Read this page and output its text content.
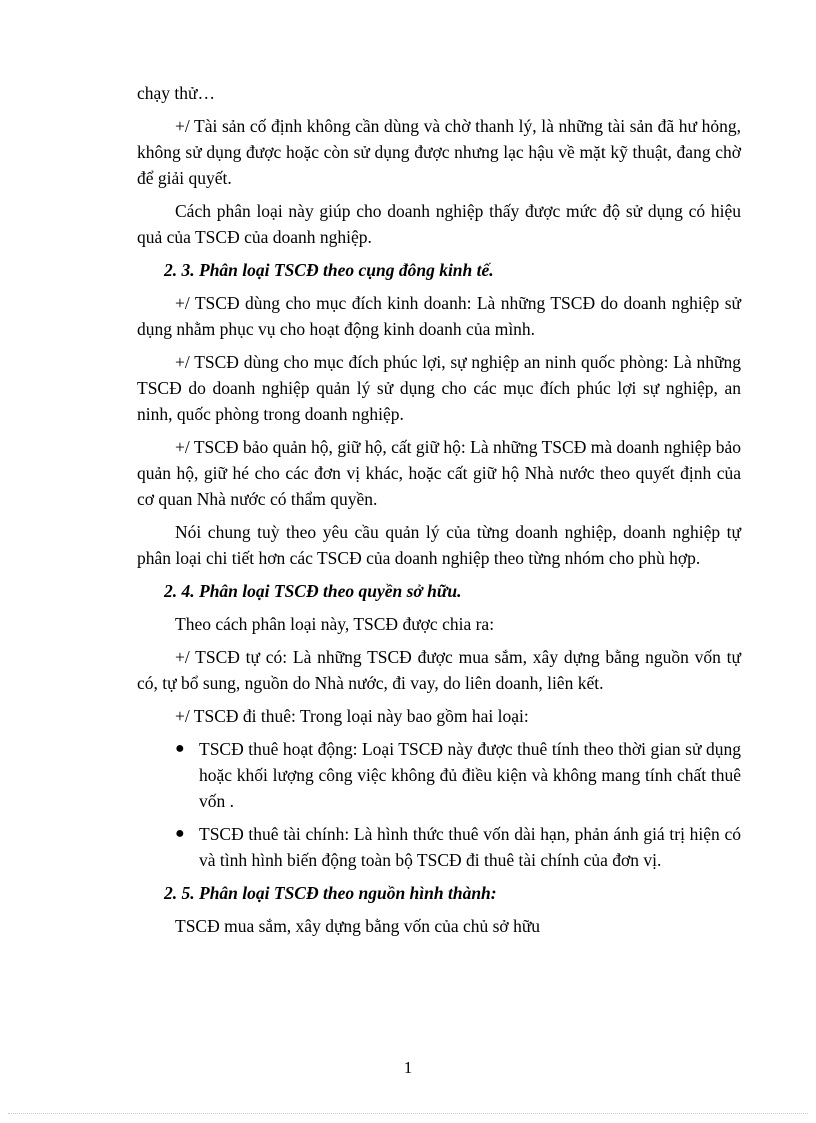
chạy thử…

+/ Tài sản cố định không cần dùng và chờ thanh lý, là những tài sản đã hư hỏng, không sử dụng được hoặc còn sử dụng được nhưng lạc hậu về mặt kỹ thuật, đang chờ để giải quyết.

Cách phân loại này giúp cho doanh nghiệp thấy được mức độ sử dụng có hiệu quả của TSCĐ của doanh nghiệp.

2. 3. Phân loại TSCĐ theo cụng đông kinh tế.

+/ TSCĐ dùng cho mục đích kinh doanh: Là những TSCĐ do doanh nghiệp sử dụng nhằm phục vụ cho hoạt động kinh doanh của mình.

+/ TSCĐ dùng cho mục đích phúc lợi, sự nghiệp an ninh quốc phòng: Là những TSCĐ do doanh nghiệp quản lý sử dụng cho các mục đích phúc lợi sự nghiệp, an ninh, quốc phòng trong doanh nghiệp.

+/ TSCĐ bảo quản hộ, giữ hộ, cất giữ hộ: Là những TSCĐ mà doanh nghiệp bảo quản hộ, giữ hé cho các đơn vị khác, hoặc cất giữ hộ Nhà nước theo quyết định của cơ quan Nhà nước có thẩm quyền.

Nói chung tuỳ theo yêu cầu quản lý của từng doanh nghiệp, doanh nghiệp tự phân loại chi tiết hơn các TSCĐ của doanh nghiệp theo từng nhóm cho phù hợp.

2. 4. Phân loại TSCĐ theo quyền sở hữu.

Theo cách phân loại này, TSCĐ được chia ra:

+/ TSCĐ tự có: Là những TSCĐ được mua sắm, xây dựng bằng nguồn vốn tự có, tự bổ sung, nguồn do Nhà nước, đi vay, do liên doanh, liên kết.

+/ TSCĐ đi thuê: Trong loại này bao gồm hai loại:

● TSCĐ thuê hoạt động: Loại TSCĐ này được thuê tính theo thời gian sử dụng hoặc khối lượng công việc không đủ điều kiện và không mang tính chất thuê vốn .
● TSCĐ thuê tài chính: Là hình thức thuê vốn dài hạn, phản ánh giá trị hiện có và tình hình biến động toàn bộ TSCĐ đi thuê tài chính của đơn vị.

2. 5. Phân loại TSCĐ theo nguồn hình thành:

TSCĐ mua sắm, xây dựng bằng vốn của chủ sở hữu

1
